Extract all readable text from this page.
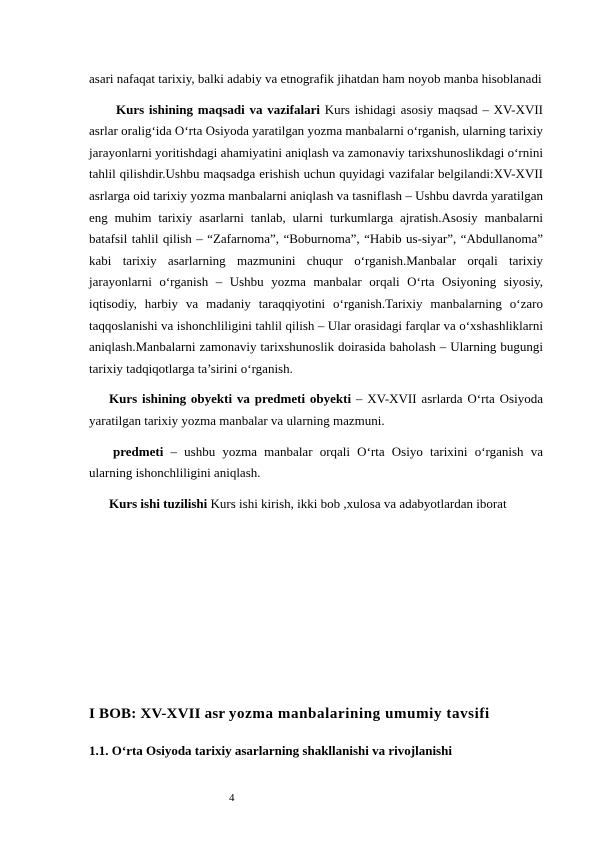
asari nafaqat tarixiy, balki adabiy va etnografik jihatdan ham noyob manba hisoblanadi

Kurs ishining maqsadi va vazifalari Kurs ishidagi asosiy maqsad – XV-XVII asrlar oralig‘ida O‘rta Osiyoda yaratilgan yozma manbalarni o‘rganish, ularning tarixiy jarayonlarni yoritishdagi ahamiyatini aniqlash va zamonaviy tarixshunoslikdagi o‘rnini tahlil qilishdir.Ushbu maqsadga erishish uchun quyidagi vazifalar belgilandi:XV-XVII asrlarga oid tarixiy yozma manbalarni aniqlash va tasniflash – Ushbu davrda yaratilgan eng muhim tarixiy asarlarni tanlab, ularni turkumlarga ajratish.Asosiy manbalarni batafsil tahlil qilish – “Zafarnoma”, “Boburnoma”, “Habib us-siyar”, “Abdullanoma” kabi tarixiy asarlarning mazmunini chuqur o‘rganish.Manbalar orqali tarixiy jarayonlarni o‘rganish – Ushbu yozma manbalar orqali O‘rta Osiyoning siyosiy, iqtisodiy, harbiy va madaniy taraqqiyotini o‘rganish.Tarixiy manbalarning o‘zaro taqqoslanishi va ishonchliligini tahlil qilish – Ular orasidagi farqlar va o‘xshashliklarni aniqlash.Manbalarni zamonaviy tarixshunoslik doirasida baholash – Ularning bugungi tarixiy tadqiqotlarga ta’sirini o‘rganish.

Kurs ishining obyekti va predmeti obyekti – XV-XVII asrlarda O‘rta Osiyoda yaratilgan tarixiy yozma manbalar va ularning mazmuni.

predmeti – ushbu yozma manbalar orqali O‘rta Osiyo tarixini o‘rganish va ularning ishonchliligini aniqlash.

Kurs ishi tuzilishi Kurs ishi kirish, ikki bob ,xulosa va adabyotlardan iborat

I BOB: XV-XVII asr yozma manbalarining umumiy tavsifi
1.1. O‘rta Osiyoda tarixiy asarlarning shakllanishi va rivojlanishi
4
